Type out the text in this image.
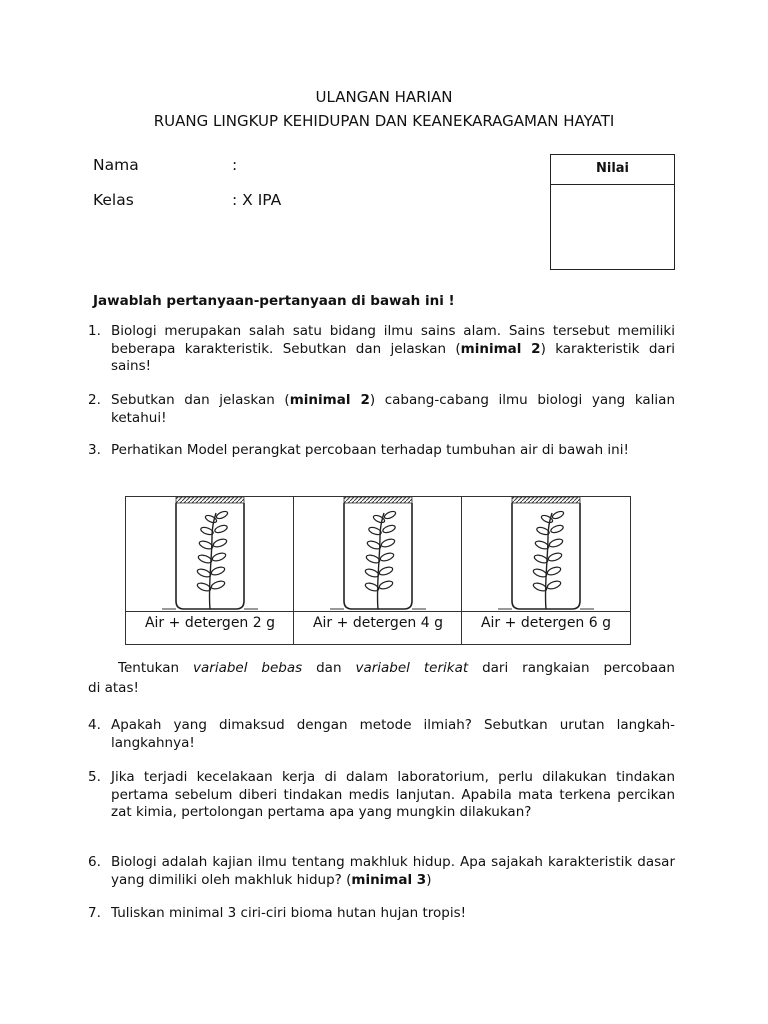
ULANGAN HARIAN
RUANG LINGKUP KEHIDUPAN DAN KEANEKARAGAMAN HAYATI
Nama	:
Kelas	: X IPA
Nilai
Jawablah pertanyaan-pertanyaan di bawah ini !
1. Biologi merupakan salah satu bidang ilmu sains alam. Sains tersebut memiliki beberapa karakteristik. Sebutkan dan jelaskan (minimal 2) karakteristik dari sains!
2. Sebutkan dan jelaskan (minimal 2) cabang-cabang ilmu biologi yang kalian ketahui!
3. Perhatikan Model perangkat percobaan terhadap tumbuhan air di bawah ini!
Air + detergen 2 g	Air + detergen 4 g	Air + detergen 6 g
Tentukan variabel bebas dan variabel terikat dari rangkaian percobaan
di atas!
4. Apakah yang dimaksud dengan metode ilmiah? Sebutkan urutan langkah-langkahnya!
5. Jika terjadi kecelakaan kerja di dalam laboratorium, perlu dilakukan tindakan pertama sebelum diberi tindakan medis lanjutan. Apabila mata terkena percikan zat kimia, pertolongan pertama apa yang mungkin dilakukan?
6. Biologi adalah kajian ilmu tentang makhluk hidup. Apa sajakah karakteristik dasar yang dimiliki oleh makhluk hidup? (minimal 3)
7. Tuliskan minimal 3 ciri-ciri bioma hutan hujan tropis!
